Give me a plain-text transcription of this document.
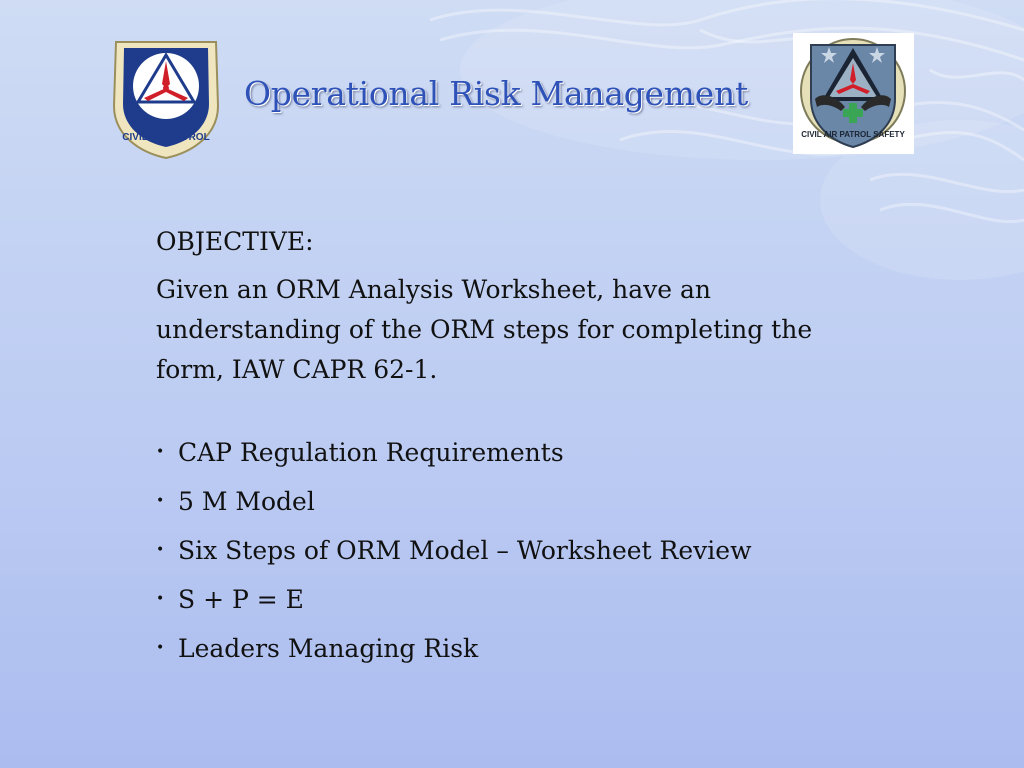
CIVIL AIR PATROL
Operational Risk Management
CIVIL AIR PATROL SAFETY

OBJECTIVE:

Given an ORM Analysis Worksheet, have an understanding of the ORM steps for completing the form, IAW CAPR 62-1.

• CAP Regulation Requirements
• 5 M Model
• Six Steps of ORM Model – Worksheet Review
• S + P = E
• Leaders Managing Risk
